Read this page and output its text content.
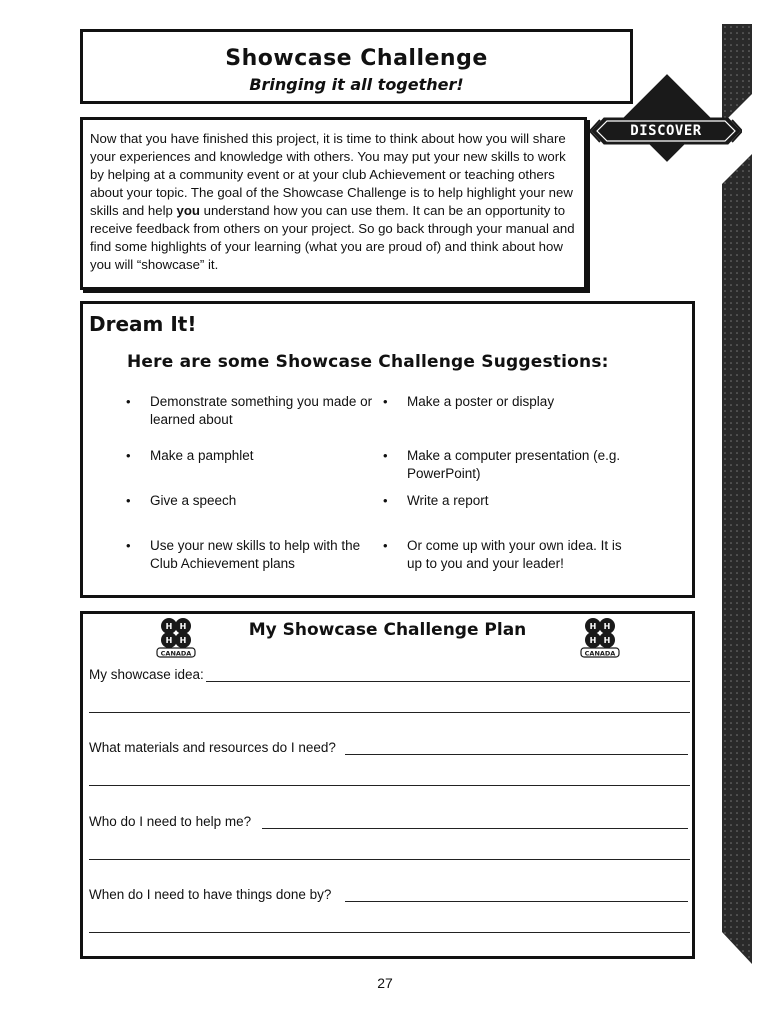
Showcase Challenge
Bringing it all together!
DISCOVER

Now that you have finished this project, it is time to think about how you will share your experiences and knowledge with others. You may put your new skills to work by helping at a community event or at your club Achievement or teaching others about your topic. The goal of the Showcase Challenge is to help highlight your new skills and help you understand how you can use them. It can be an opportunity to receive feedback from others on your project. So go back through your manual and find some highlights of your learning (what you are proud of) and think about how you will “showcase” it.

Dream It!
Here are some Showcase Challenge Suggestions:
•	Demonstrate something you made or learned about
•	Make a poster or display
•	Make a pamphlet	•	Make a computer presentation (e.g. PowerPoint)
•	Give a speech	•	Write a report
•	Use your new skills to help with the Club Achievement plans
•	Or come up with your own idea. It is up to you and your leader!
H H
H H
CANADA
My Showcase Challenge Plan	H H
H H
CANADA
My showcase idea:
What materials and resources do I need?
Who do I need to help me?
When do I need to have things done by?
27
